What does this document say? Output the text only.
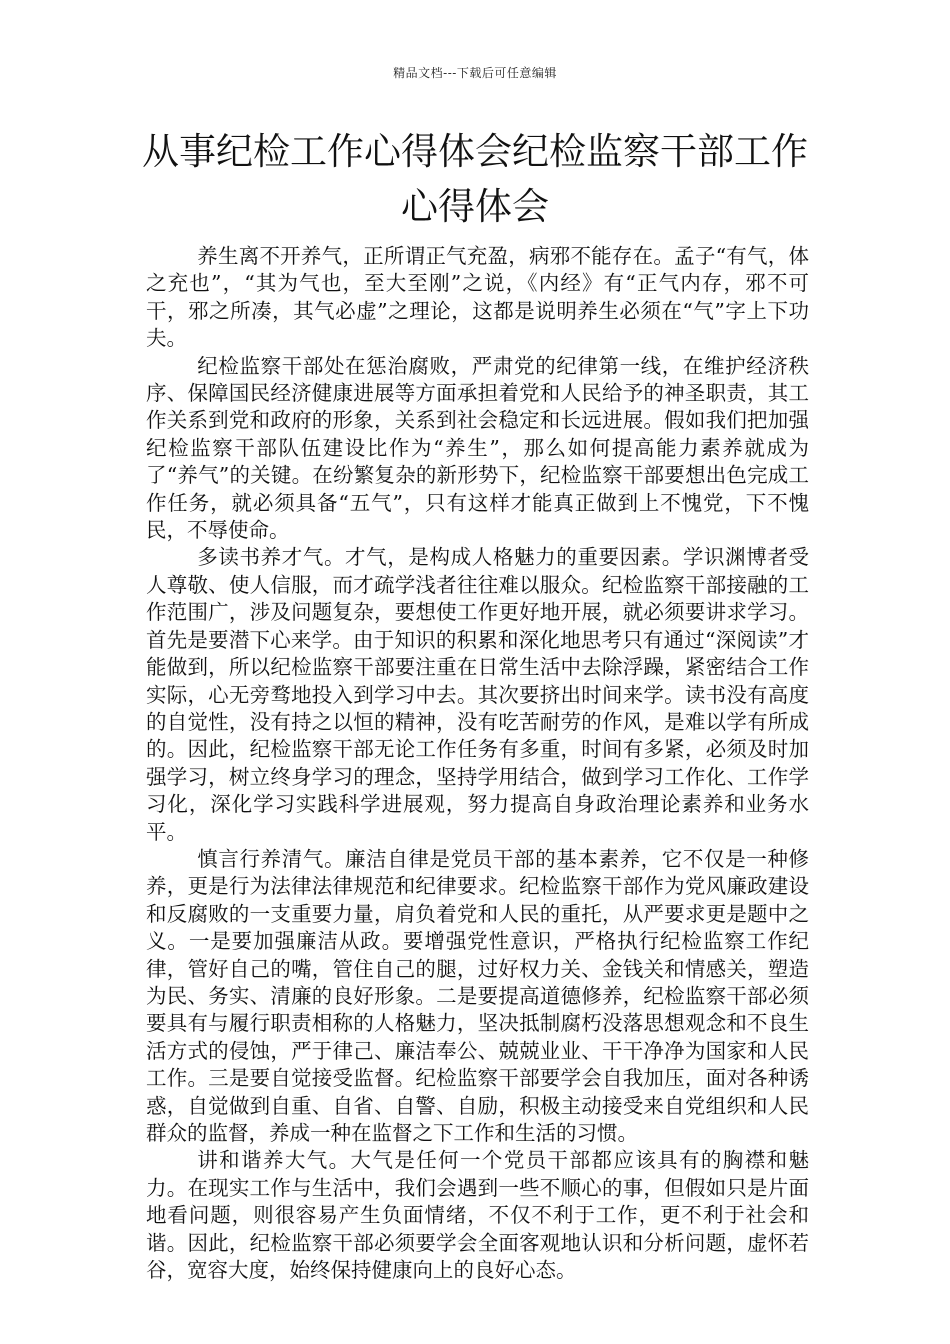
精品文档---下载后可任意编辑
从事纪检工作心得体会纪检监察干部工作心得体会

养生离不开养气，正所谓正气充盈，病邪不能存在。孟子“有气，体之充也”，“其为气也，至大至刚”之说，《内经》有“正气内存，邪不可干，邪之所凑，其气必虚”之理论，这都是说明养生必须在“气”字上下功夫。

纪检监察干部处在惩治腐败，严肃党的纪律第一线，在维护经济秩序、保障国民经济健康进展等方面承担着党和人民给予的神圣职责，其工作关系到党和政府的形象，关系到社会稳定和长远进展。假如我们把加强纪检监察干部队伍建设比作为“养生”，那么如何提高能力素养就成为了“养气”的关键。在纷繁复杂的新形势下，纪检监察干部要想出色完成工作任务，就必须具备“五气”，只有这样才能真正做到上不愧党，下不愧民，不辱使命。

多读书养才气。才气，是构成人格魅力的重要因素。学识渊博者受人尊敬、使人信服，而才疏学浅者往往难以服众。纪检监察干部接融的工作范围广，涉及问题复杂，要想使工作更好地开展，就必须要讲求学习。首先是要潜下心来学。由于知识的积累和深化地思考只有通过“深阅读”才能做到，所以纪检监察干部要注重在日常生活中去除浮躁，紧密结合工作实际，心无旁骛地投入到学习中去。其次要挤出时间来学。读书没有高度的自觉性，没有持之以恒的精神，没有吃苦耐劳的作风，是难以学有所成的。因此，纪检监察干部无论工作任务有多重，时间有多紧，必须及时加强学习，树立终身学习的理念，坚持学用结合，做到学习工作化、工作学习化，深化学习实践科学进展观，努力提高自身政治理论素养和业务水平。

慎言行养清气。廉洁自律是党员干部的基本素养，它不仅是一种修养，更是行为法律法律规范和纪律要求。纪检监察干部作为党风廉政建设和反腐败的一支重要力量，肩负着党和人民的重托，从严要求更是题中之义。一是要加强廉洁从政。要增强党性意识，严格执行纪检监察工作纪律，管好自己的嘴，管住自己的腿，过好权力关、金钱关和情感关，塑造为民、务实、清廉的良好形象。二是要提高道德修养，纪检监察干部必须要具有与履行职责相称的人格魅力，坚决抵制腐朽没落思想观念和不良生活方式的侵蚀，严于律己、廉洁奉公、兢兢业业、干干净净为国家和人民工作。三是要自觉接受监督。纪检监察干部要学会自我加压，面对各种诱惑，自觉做到自重、自省、自警、自励，积极主动接受来自党组织和人民群众的监督，养成一种在监督之下工作和生活的习惯。

讲和谐养大气。大气是任何一个党员干部都应该具有的胸襟和魅力。在现实工作与生活中，我们会遇到一些不顺心的事，但假如只是片面地看问题，则很容易产生负面情绪，不仅不利于工作，更不利于社会和谐。因此，纪检监察干部必须要学会全面客观地认识和分析问题，虚怀若谷，宽容大度，始终保持健康向上的良好心态。
